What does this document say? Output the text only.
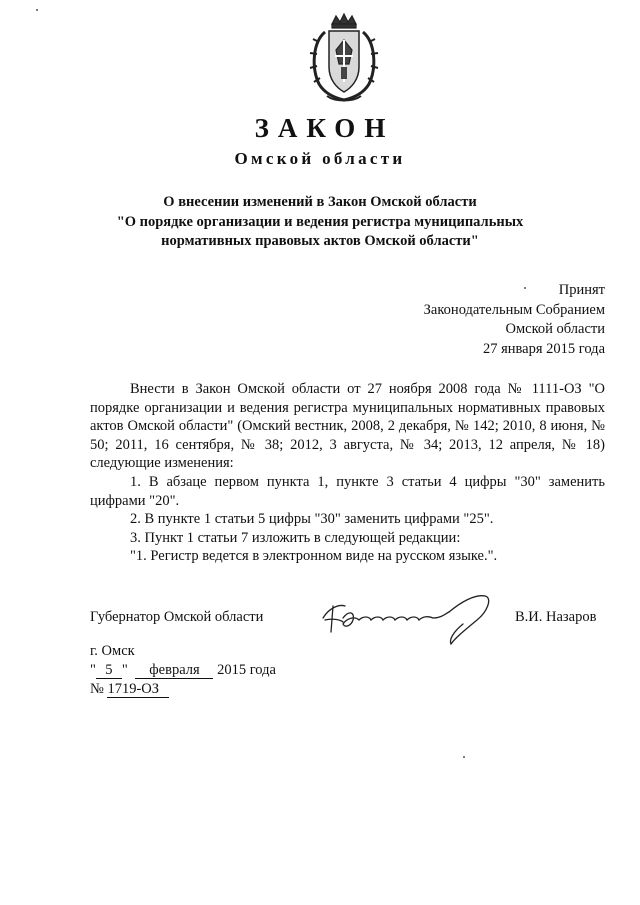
ЗАКОН
Омской области
О внесении изменений в Закон Омской области
"О порядке организации и ведения регистра муниципальных
нормативных правовых актов Омской области"
Принят
Законодательным Собранием
Омской области
27 января 2015 года

Внести в Закон Омской области от 27 ноября 2008 года № 1111-ОЗ "О порядке организации и ведения регистра муниципальных нормативных правовых актов Омской области" (Омский вестник, 2008, 2 декабря, № 142; 2010, 8 июня, № 50; 2011, 16 сентября, № 38; 2012, 3 августа, № 34; 2013, 12 апреля, № 18) следующие изменения:

1. В абзаце первом пункта 1, пункте 3 статьи 4 цифры "30" заменить цифрами "20".

2. В пункте 1 статьи 5 цифры "30" заменить цифрами "25".

3. Пункт 1 статьи 7 изложить в следующей редакции:

"1. Регистр ведется в электронном виде на русском языке.".

Губернатор Омской области	В.И. Назаров
г. Омск
" 5 " февраля 2015 года
№ 1719-ОЗ
